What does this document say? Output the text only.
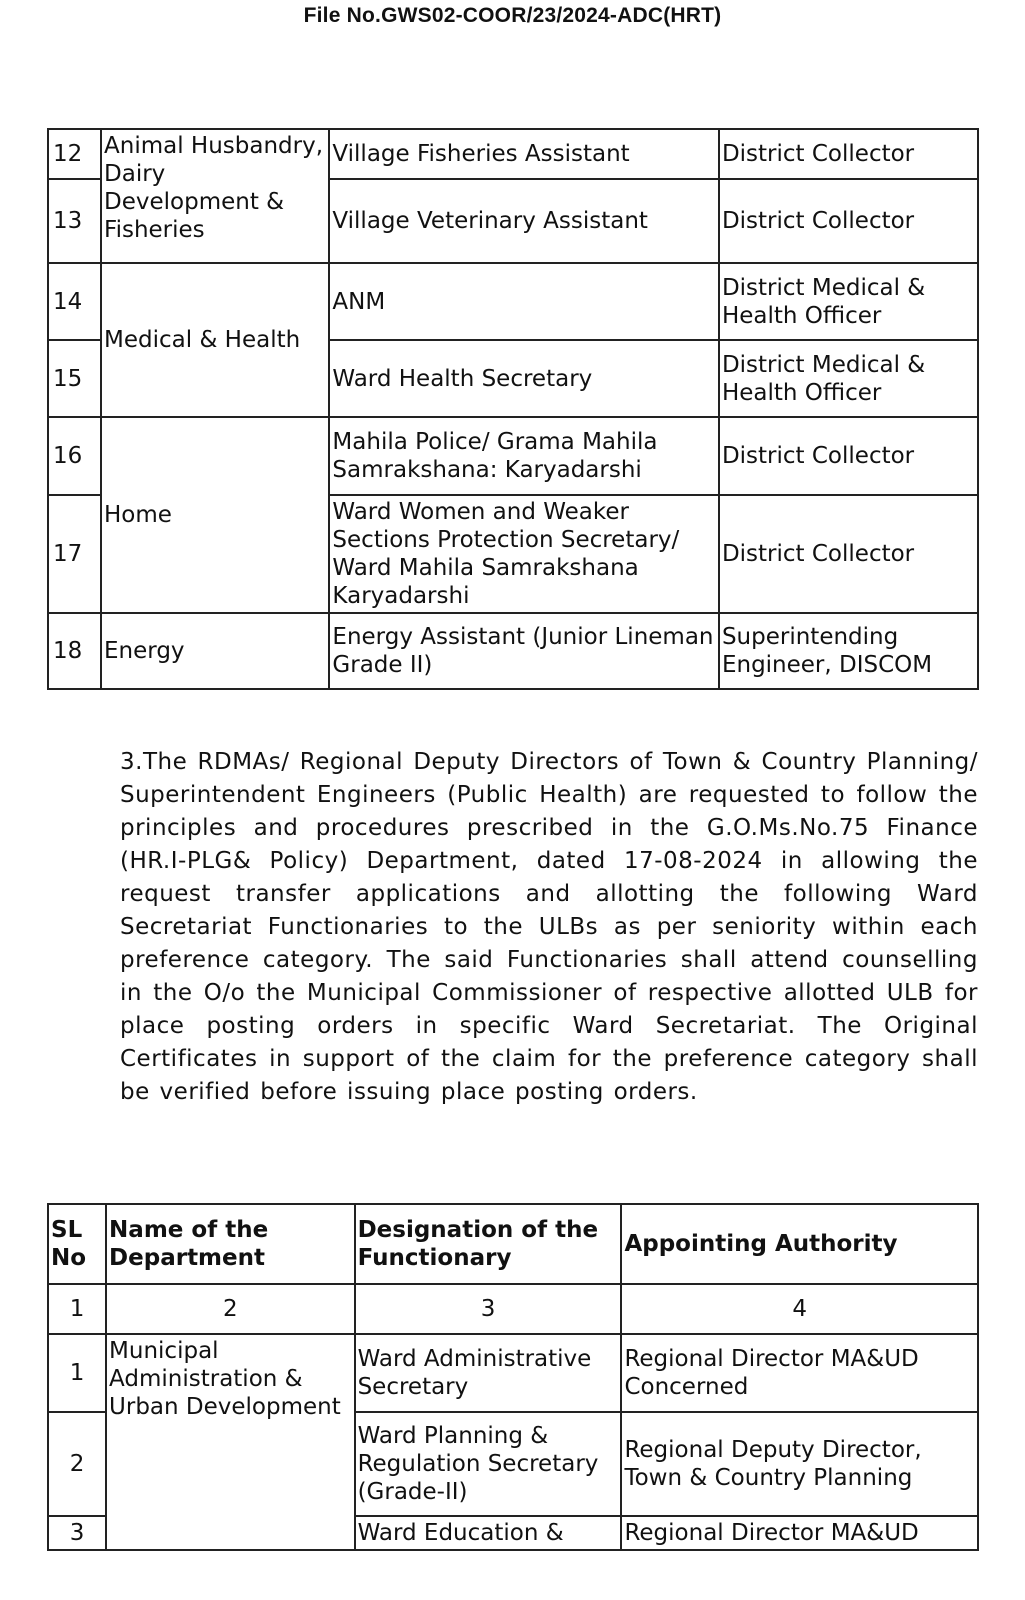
File No.GWS02-COOR/23/2024-ADC(HRT)
12	Animal Husbandry, Dairy Development & Fisheries	Village Fisheries Assistant	District Collector
13		Village Veterinary Assistant	District Collector
14	Medical & Health	ANM	District Medical & Health Officer
15		Ward Health Secretary	District Medical & Health Officer
16	Home	Mahila Police/ Grama Mahila Samrakshana: Karyadarshi	District Collector
17		Ward Women and Weaker Sections Protection Secretary/ Ward Mahila Samrakshana Karyadarshi	District Collector
18	Energy	Energy Assistant (Junior Lineman Grade II)	Superintending Engineer, DISCOM
3.The RDMAs/ Regional Deputy Directors of Town & Country Planning/ Superintendent Engineers (Public Health) are requested to follow the principles and procedures prescribed in the G.O.Ms.No.75 Finance (HR.I-PLG& Policy) Department, dated 17-08-2024 in allowing the request transfer applications and allotting the following Ward Secretariat Functionaries to the ULBs as per seniority within each preference category. The said Functionaries shall attend counselling in the O/o the Municipal Commissioner of respective allotted ULB for place posting orders in specific Ward Secretariat. The Original Certificates in support of the claim for the preference category shall be verified before issuing place posting orders.
SL No	Name of the Department	Designation of the Functionary	Appointing Authority
1	2	3	4
1	Municipal Administration & Urban Development	Ward Administrative Secretary	Regional Director MA&UD Concerned
2		Ward Planning & Regulation Secretary (Grade-II)	Regional Deputy Director, Town & Country Planning
3		Ward Education &	Regional Director MA&UD
